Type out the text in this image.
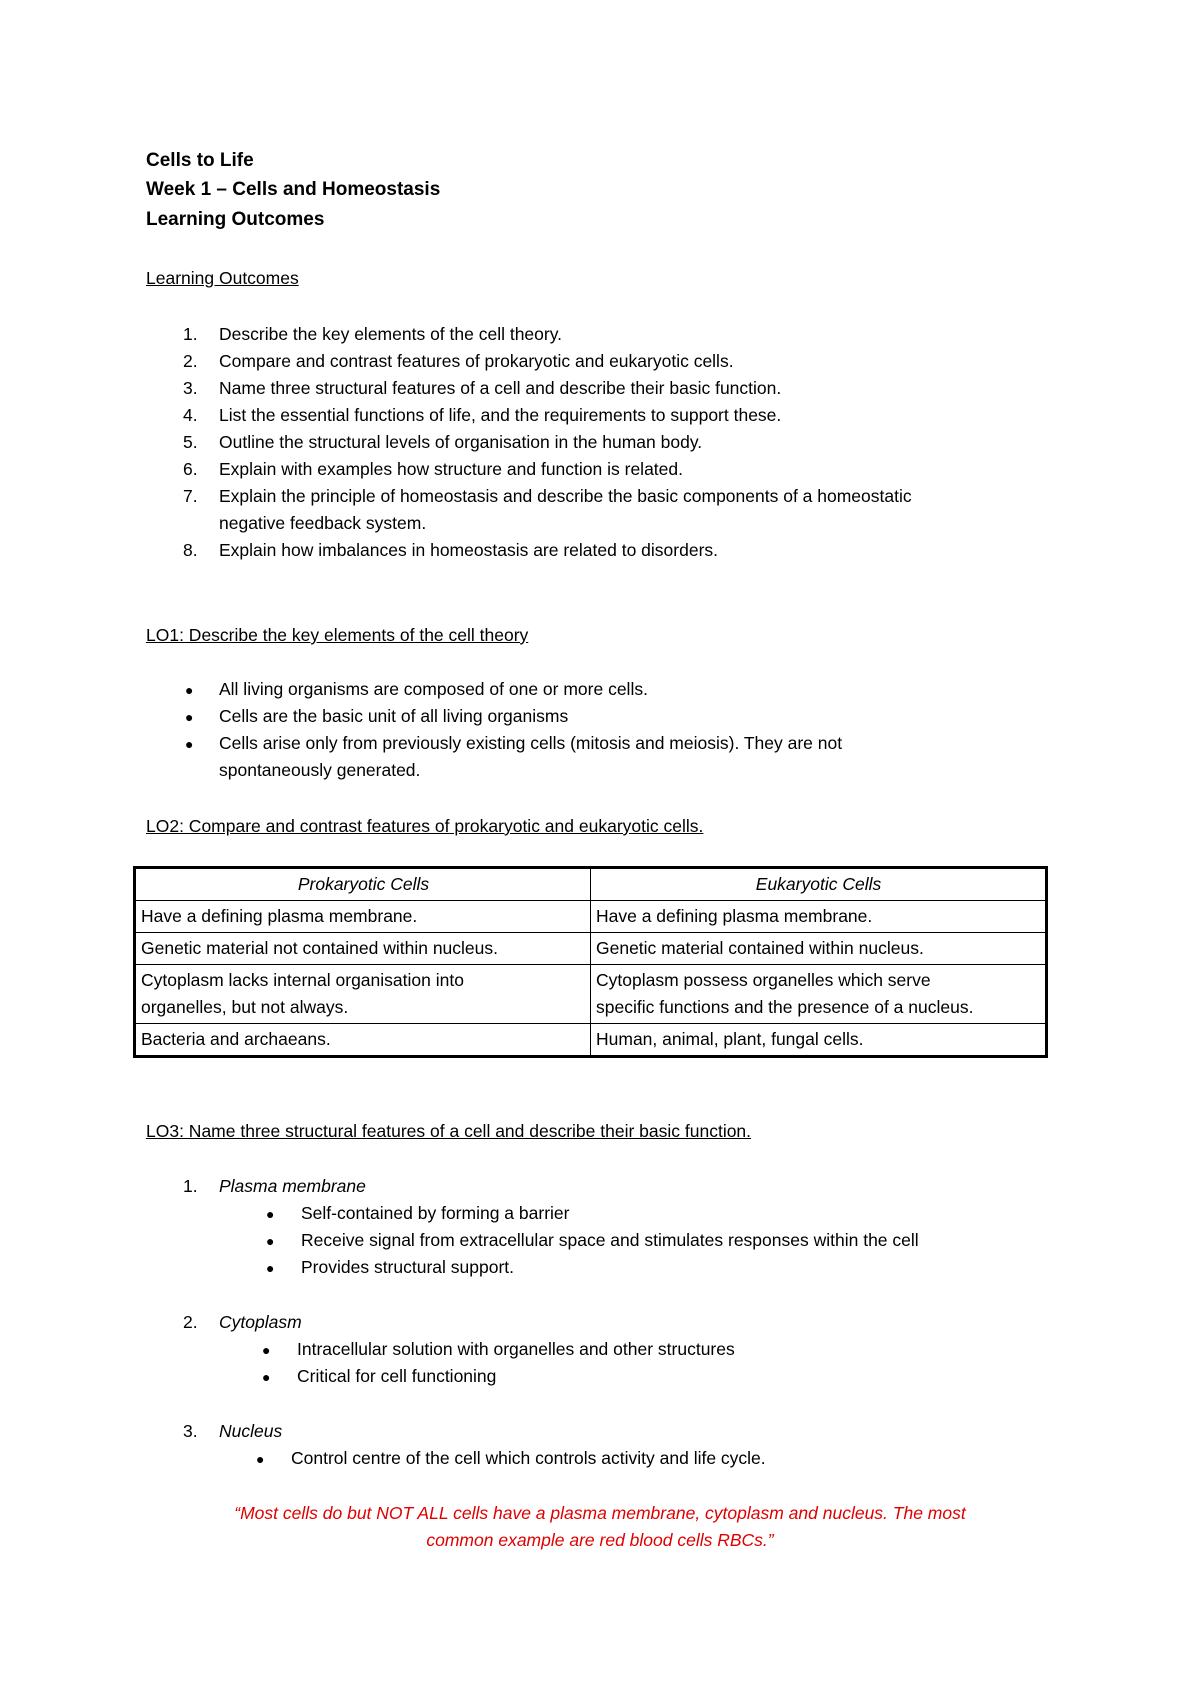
Cells to Life
Week 1 – Cells and Homeostasis
Learning Outcomes
Learning Outcomes
1. Describe the key elements of the cell theory.
2. Compare and contrast features of prokaryotic and eukaryotic cells.
3. Name three structural features of a cell and describe their basic function.
4. List the essential functions of life, and the requirements to support these.
5. Outline the structural levels of organisation in the human body.
6. Explain with examples how structure and function is related.
7. Explain the principle of homeostasis and describe the basic components of a homeostatic
negative feedback system.
8. Explain how imbalances in homeostasis are related to disorders.
LO1: Describe the key elements of the cell theory
● All living organisms are composed of one or more cells.
● Cells are the basic unit of all living organisms
● Cells arise only from previously existing cells (mitosis and meiosis). They are not
spontaneously generated.
LO2: Compare and contrast features of prokaryotic and eukaryotic cells.
Prokaryotic Cells	Eukaryotic Cells
Have a defining plasma membrane.	Have a defining plasma membrane.
Genetic material not contained within nucleus.	Genetic material contained within nucleus.
Cytoplasm lacks internal organisation into organelles, but not always.	Cytoplasm possess organelles which serve specific functions and the presence of a nucleus.
Bacteria and archaeans.	Human, animal, plant, fungal cells.
LO3: Name three structural features of a cell and describe their basic function.
1. Plasma membrane
● Self-contained by forming a barrier
● Receive signal from extracellular space and stimulates responses within the cell
● Provides structural support.
2. Cytoplasm
● Intracellular solution with organelles and other structures
● Critical for cell functioning
3. Nucleus
● Control centre of the cell which controls activity and life cycle.
“Most cells do but NOT ALL cells have a plasma membrane, cytoplasm and nucleus. The most
common example are red blood cells RBCs.”
